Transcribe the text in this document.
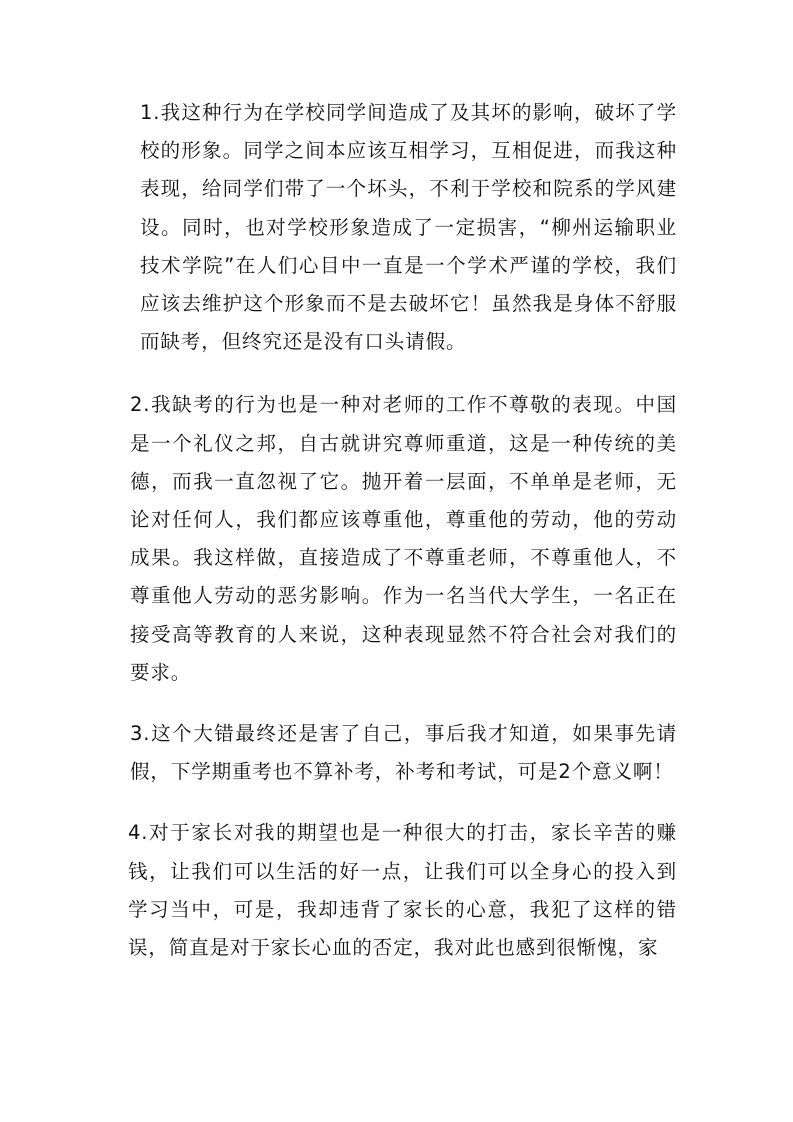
1.我这种行为在学校同学间造成了及其坏的影响，破坏了学校的形象。同学之间本应该互相学习，互相促进，而我这种表现，给同学们带了一个坏头，不利于学校和院系的学风建设。同时，也对学校形象造成了一定损害，“柳州运输职业技术学院”在人们心目中一直是一个学术严谨的学校，我们应该去维护这个形象而不是去破坏它！虽然我是身体不舒服而缺考，但终究还是没有口头请假。

2.我缺考的行为也是一种对老师的工作不尊敬的表现。中国是一个礼仪之邦，自古就讲究尊师重道，这是一种传统的美德，而我一直忽视了它。抛开着一层面，不单单是老师，无论对任何人，我们都应该尊重他，尊重他的劳动，他的劳动成果。我这样做，直接造成了不尊重老师，不尊重他人，不尊重他人劳动的恶劣影响。作为一名当代大学生，一名正在接受高等教育的人来说，这种表现显然不符合社会对我们的要求。

3.这个大错最终还是害了自己，事后我才知道，如果事先请假，下学期重考也不算补考，补考和考试，可是2个意义啊！

4.对于家长对我的期望也是一种很大的打击，家长辛苦的赚钱，让我们可以生活的好一点，让我们可以全身心的投入到学习当中，可是，我却违背了家长的心意，我犯了这样的错误，简直是对于家长心血的否定，我对此也感到很惭愧，家
